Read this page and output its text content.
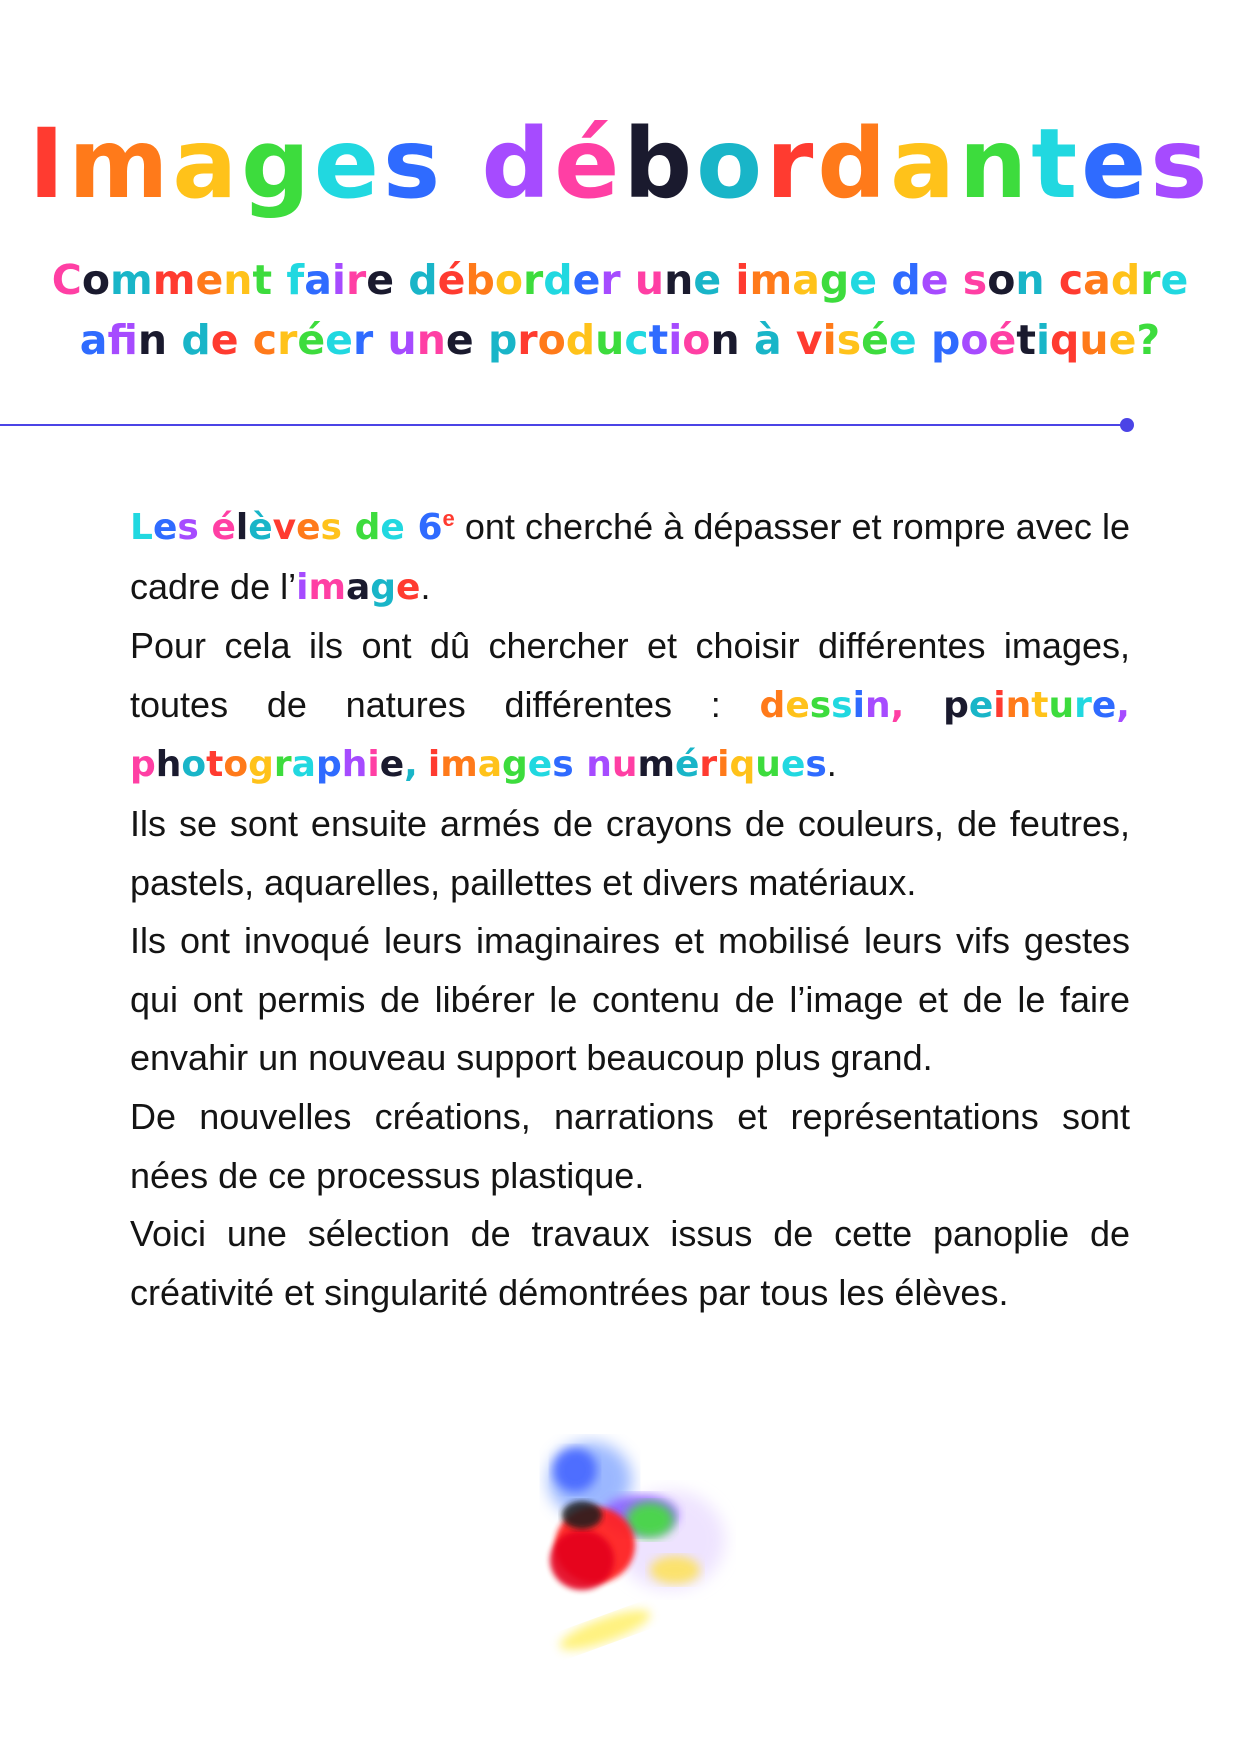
Images débordantes
Comment faire déborder une image de son cadre
afn de créer une production à visée poétique?

Les élèves de 6e ont cherché à dépasser et rompre avec le cadre de l’image.

Pour cela ils ont dû chercher et choisir différentes images, toutes de natures différentes : dessin, peinture, photographie, images numériques.

Ils se sont ensuite armés de crayons de couleurs, de feutres, pastels, aquarelles, paillettes et divers matériaux.

Ils ont invoqué leurs imaginaires et mobilisé leurs vifs gestes qui ont permis de libérer le contenu de l’image et de le faire envahir un nouveau support beaucoup plus grand.

De nouvelles créations, narrations et représentations sont nées de ce processus plastique.

Voici une sélection de travaux issus de cette panoplie de créativité et singularité démontrées par tous les élèves.
